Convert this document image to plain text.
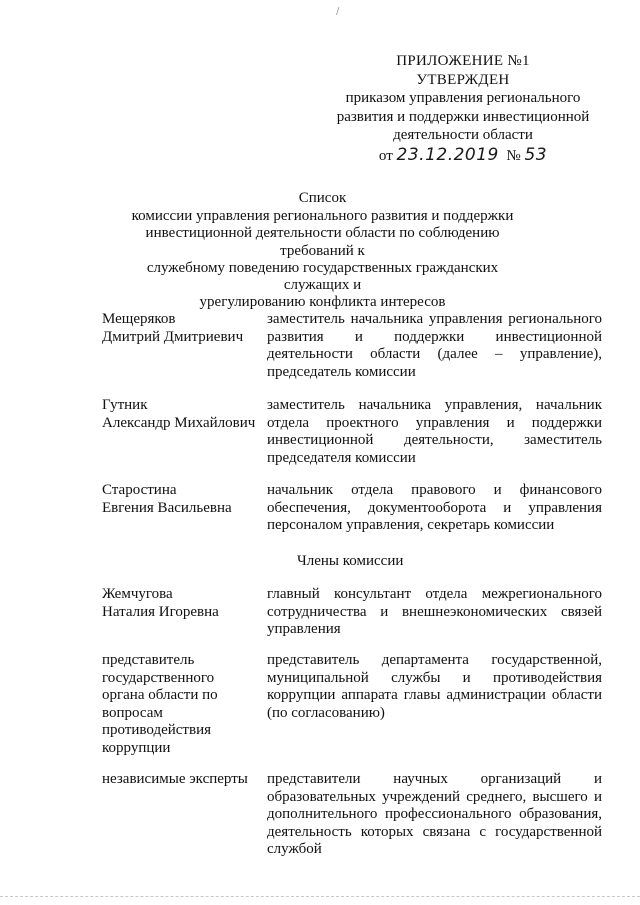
/
ПРИЛОЖЕНИЕ №1
УТВЕРЖДЕН
приказом управления регионального
развития и поддержки инвестиционной
деятельности области
от 23.12.2019 № 53
Список
комиссии управления регионального развития и поддержки
инвестиционной деятельности области по соблюдению требований к
служебному поведению государственных гражданских служащих и
урегулированию конфликта интересов
Мещеряков
Дмитрий Дмитриевич
заместитель начальника управления регионального развития и поддержки инвестиционной деятельности области (далее – управление), председатель комиссии
Гутник
Александр Михайлович
заместитель начальника управления, начальник отдела проектного управления и поддержки инвестиционной деятельности, заместитель председателя комиссии
Старостина
Евгения Васильевна
начальник отдела правового и финансового обеспечения, документооборота и управления персоналом управления, секретарь комиссии
Члены комиссии
Жемчугова
Наталия Игоревна
главный консультант отдела межрегионального сотрудничества и внешнеэкономических связей управления
представитель государственного органа области по вопросам противодействия коррупции
представитель департамента государственной, муниципальной службы и противодействия коррупции аппарата главы администрации области (по согласованию)
независимые эксперты	представители научных организаций и образовательных учреждений среднего, высшего и дополнительного профессионального образования, деятельность которых связана с государственной службой
